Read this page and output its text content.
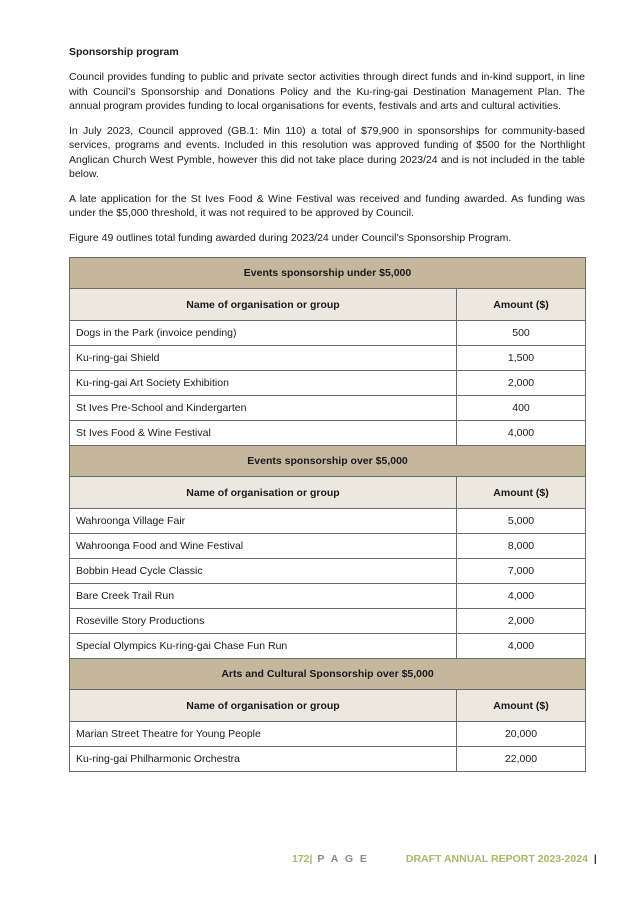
Sponsorship program

Council provides funding to public and private sector activities through direct funds and in-kind support, in line with Council’s Sponsorship and Donations Policy and the Ku-ring-gai Destination Management Plan. The annual program provides funding to local organisations for events, festivals and arts and cultural activities.

In July 2023, Council approved (GB.1: Min 110) a total of $79,900 in sponsorships for community-based services, programs and events. Included in this resolution was approved funding of $500 for the Northlight Anglican Church West Pymble, however this did not take place during 2023/24 and is not included in the table below.

A late application for the St Ives Food & Wine Festival was received and funding awarded. As funding was under the $5,000 threshold, it was not required to be approved by Council.

Figure 49 outlines total funding awarded during 2023/24 under Council’s Sponsorship Program.

Events sponsorship under $5,000	
Name of organisation or group	Amount ($)
Dogs in the Park (invoice pending)	500
Ku-ring-gai Shield	1,500
Ku-ring-gai Art Society Exhibition	2,000
St Ives Pre-School and Kindergarten	400
St Ives Food & Wine Festival	4,000
Events sponsorship over $5,000	
Name of organisation or group	Amount ($)
Wahroonga Village Fair	5,000
Wahroonga Food and Wine Festival	8,000
Bobbin Head Cycle Classic	7,000
Bare Creek Trail Run	4,000
Roseville Story Productions	2,000
Special Olympics Ku-ring-gai Chase Fun Run	4,000
Arts and Cultural Sponsorship over $5,000	
Name of organisation or group	Amount ($)
Marian Street Theatre for Young People	20,000
Ku-ring-gai Philharmonic Orchestra	22,000
172| P A G E	DRAFT ANNUAL REPORT 2023-2024 |
